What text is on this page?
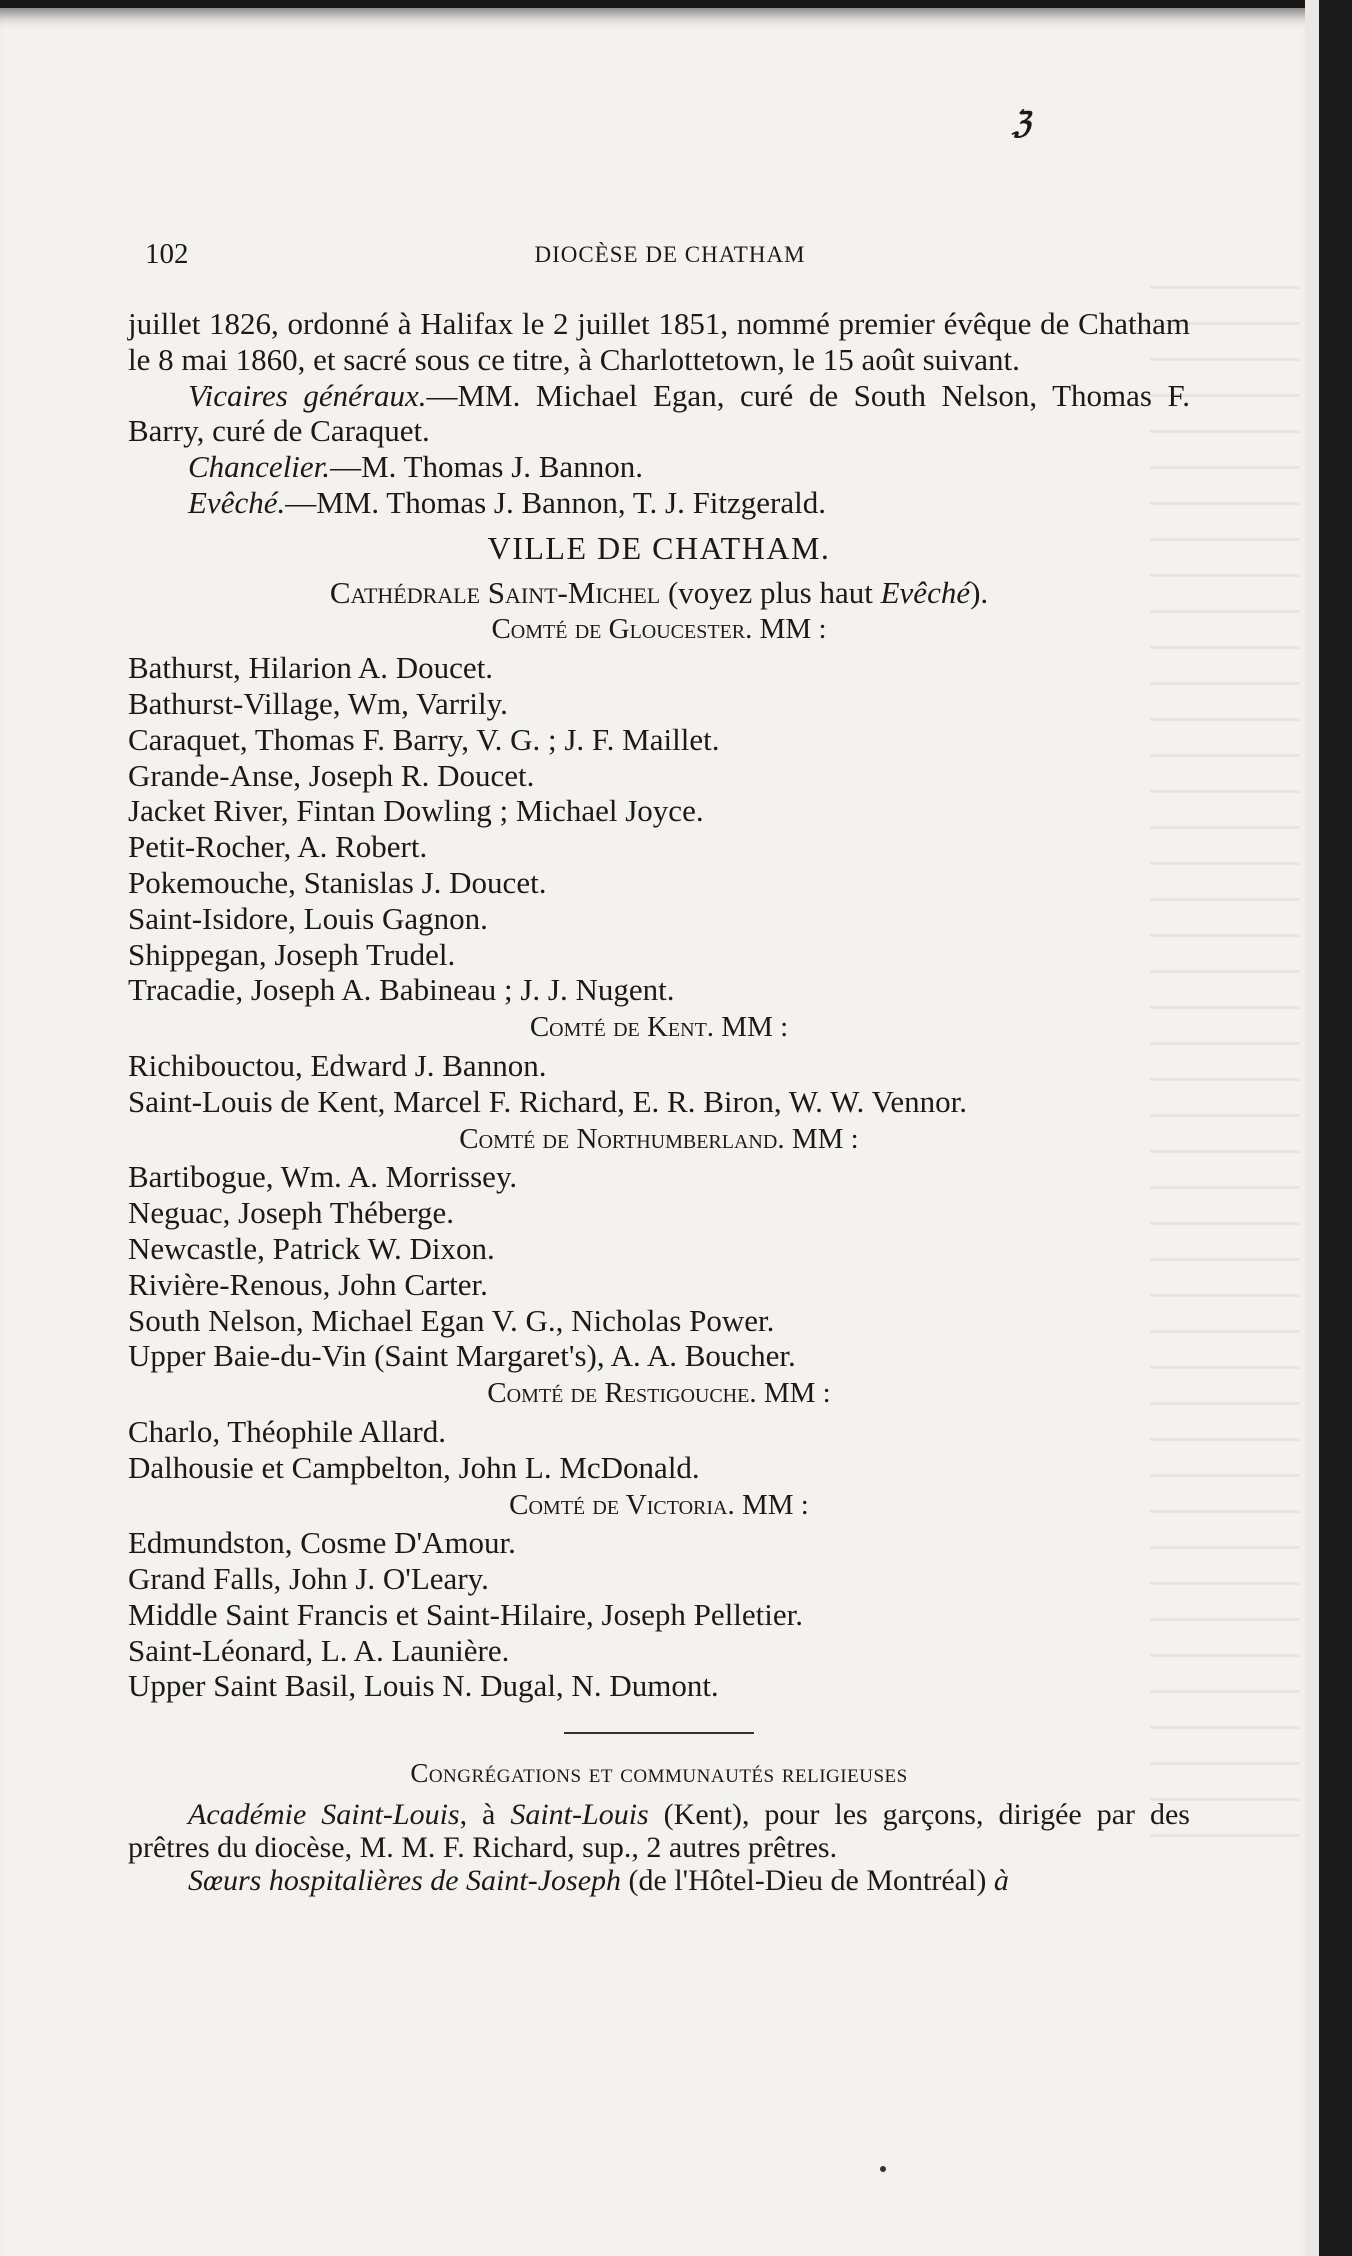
ℨ
102	DIOCÈSE DE CHATHAM

juillet 1826, ordonné à Halifax le 2 juillet 1851, nommé premier évêque de Chatham le 8 mai 1860, et sacré sous ce titre, à Charlottetown, le 15 août suivant.

Vicaires généraux.—MM. Michael Egan, curé de South Nelson, Thomas F. Barry, curé de Caraquet.

Chancelier.—M. Thomas J. Bannon.

Evêché.—MM. Thomas J. Bannon, T. J. Fitzgerald.

VILLE DE CHATHAM.

Cathédrale Saint-Michel (voyez plus haut Evêché).

Comté de Gloucester. MM :

Bathurst, Hilarion A. Doucet.

Bathurst-Village, Wm, Varrily.

Caraquet, Thomas F. Barry, V. G. ; J. F. Maillet.

Grande-Anse, Joseph R. Doucet.

Jacket River, Fintan Dowling ; Michael Joyce.

Petit-Rocher, A. Robert.

Pokemouche, Stanislas J. Doucet.

Saint-Isidore, Louis Gagnon.

Shippegan, Joseph Trudel.

Tracadie, Joseph A. Babineau ; J. J. Nugent.

Comté de Kent. MM :

Richibouctou, Edward J. Bannon.

Saint-Louis de Kent, Marcel F. Richard, E. R. Biron, W. W. Vennor.

Comté de Northumberland. MM :

Bartibogue, Wm. A. Morrissey.

Neguac, Joseph Théberge.

Newcastle, Patrick W. Dixon.

Rivière-Renous, John Carter.

South Nelson, Michael Egan V. G., Nicholas Power.

Upper Baie-du-Vin (Saint Margaret's), A. A. Boucher.

Comté de Restigouche. MM :

Charlo, Théophile Allard.

Dalhousie et Campbelton, John L. McDonald.

Comté de Victoria. MM :

Edmundston, Cosme D'Amour.

Grand Falls, John J. O'Leary.

Middle Saint Francis et Saint-Hilaire, Joseph Pelletier.

Saint-Léonard, L. A. Launière.

Upper Saint Basil, Louis N. Dugal, N. Dumont.

Congrégations et communautés religieuses

Académie Saint-Louis, à Saint-Louis (Kent), pour les garçons, dirigée par des prêtres du diocèse, M. M. F. Richard, sup., 2 autres prêtres.

Sœurs hospitalières de Saint-Joseph (de l'Hôtel-Dieu de Montréal) à
